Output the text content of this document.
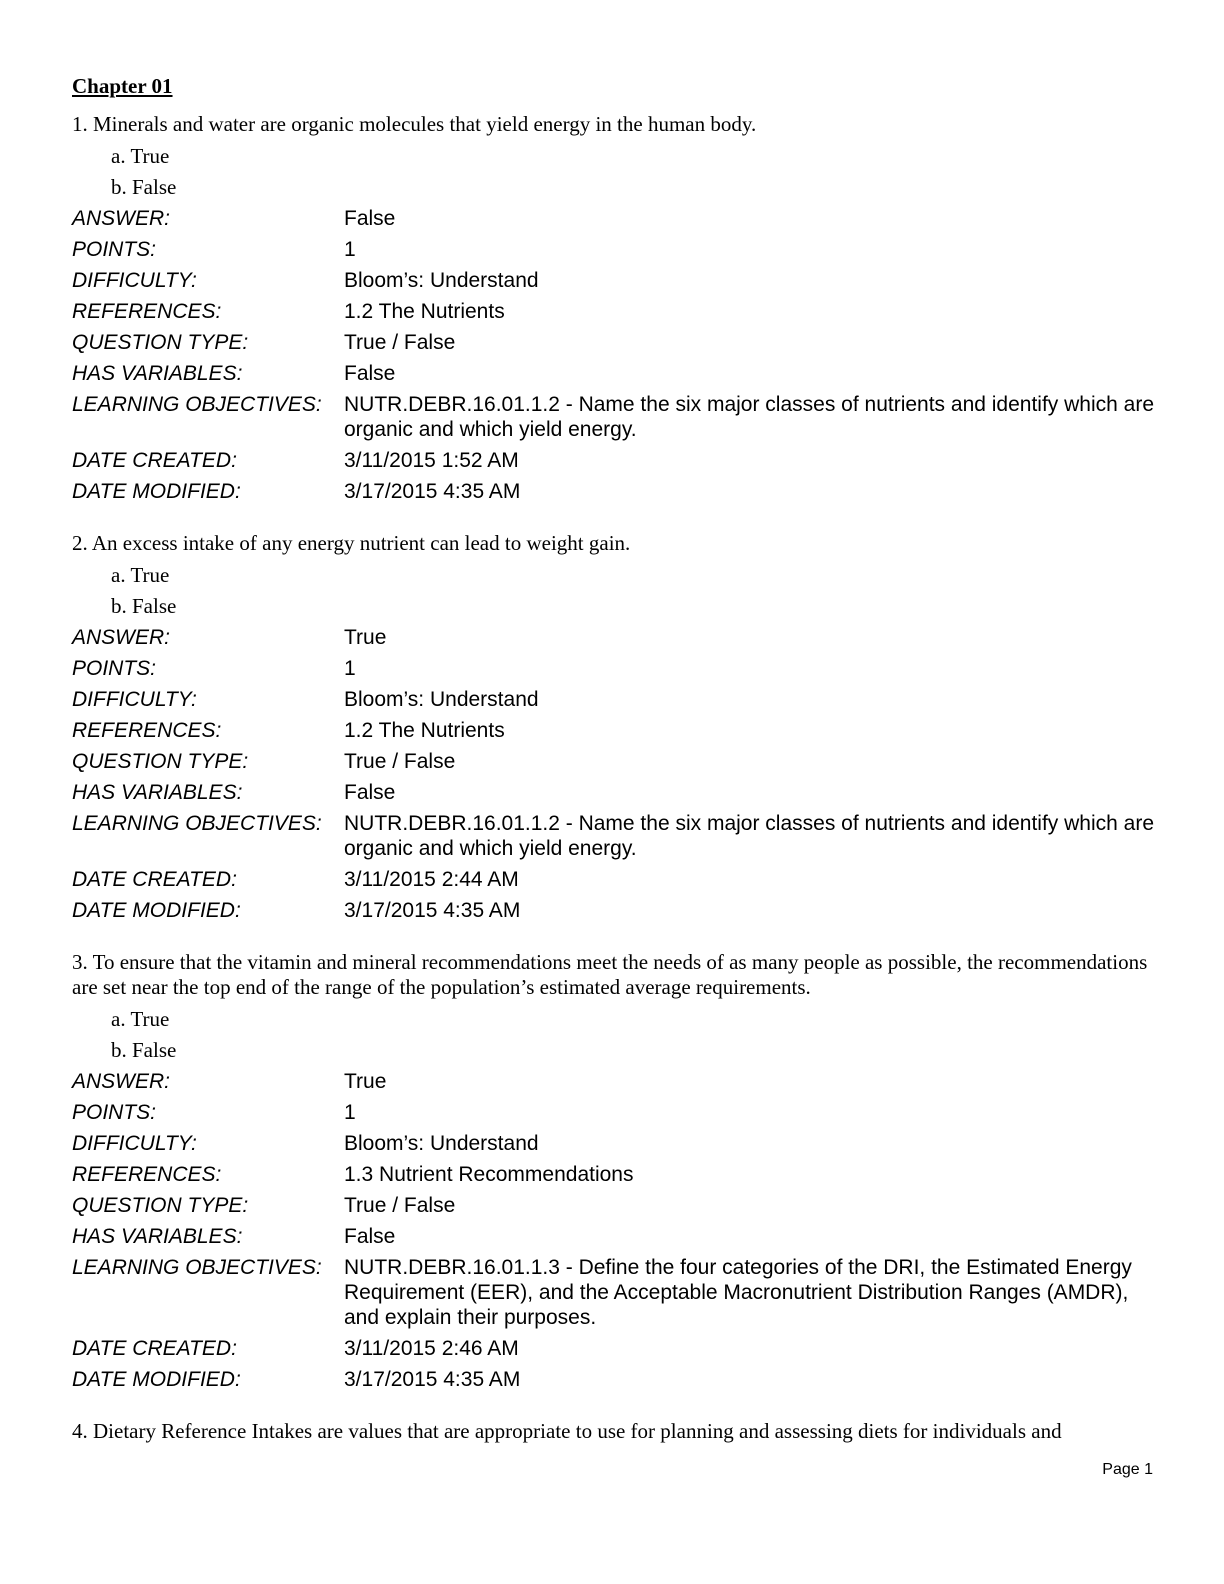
Chapter 01
1. Minerals and water are organic molecules that yield energy in the human body.
a. True
b. False
ANSWER:	False
POINTS:	1
DIFFICULTY:	Bloom’s: Understand
REFERENCES:	1.2 The Nutrients
QUESTION TYPE:	True / False
HAS VARIABLES:	False
LEARNING OBJECTIVES:	NUTR.DEBR.16.01.1.2 - Name the six major classes of nutrients and identify which are organic and which yield energy.
DATE CREATED:	3/11/2015 1:52 AM
DATE MODIFIED:	3/17/2015 4:35 AM
2. An excess intake of any energy nutrient can lead to weight gain.
a. True
b. False
ANSWER:	True
POINTS:	1
DIFFICULTY:	Bloom’s: Understand
REFERENCES:	1.2 The Nutrients
QUESTION TYPE:	True / False
HAS VARIABLES:	False
LEARNING OBJECTIVES:	NUTR.DEBR.16.01.1.2 - Name the six major classes of nutrients and identify which are organic and which yield energy.
DATE CREATED:	3/11/2015 2:44 AM
DATE MODIFIED:	3/17/2015 4:35 AM
3. To ensure that the vitamin and mineral recommendations meet the needs of as many people as possible, the recommendations are set near the top end of the range of the population’s estimated average requirements.
a. True
b. False
ANSWER:	True
POINTS:	1
DIFFICULTY:	Bloom’s: Understand
REFERENCES:	1.3 Nutrient Recommendations
QUESTION TYPE:	True / False
HAS VARIABLES:	False
LEARNING OBJECTIVES:	NUTR.DEBR.16.01.1.3 - Define the four categories of the DRI, the Estimated Energy Requirement (EER), and the Acceptable Macronutrient Distribution Ranges (AMDR), and explain their purposes.
DATE CREATED:	3/11/2015 2:46 AM
DATE MODIFIED:	3/17/2015 4:35 AM
4. Dietary Reference Intakes are values that are appropriate to use for planning and assessing diets for individuals and
Page 1
